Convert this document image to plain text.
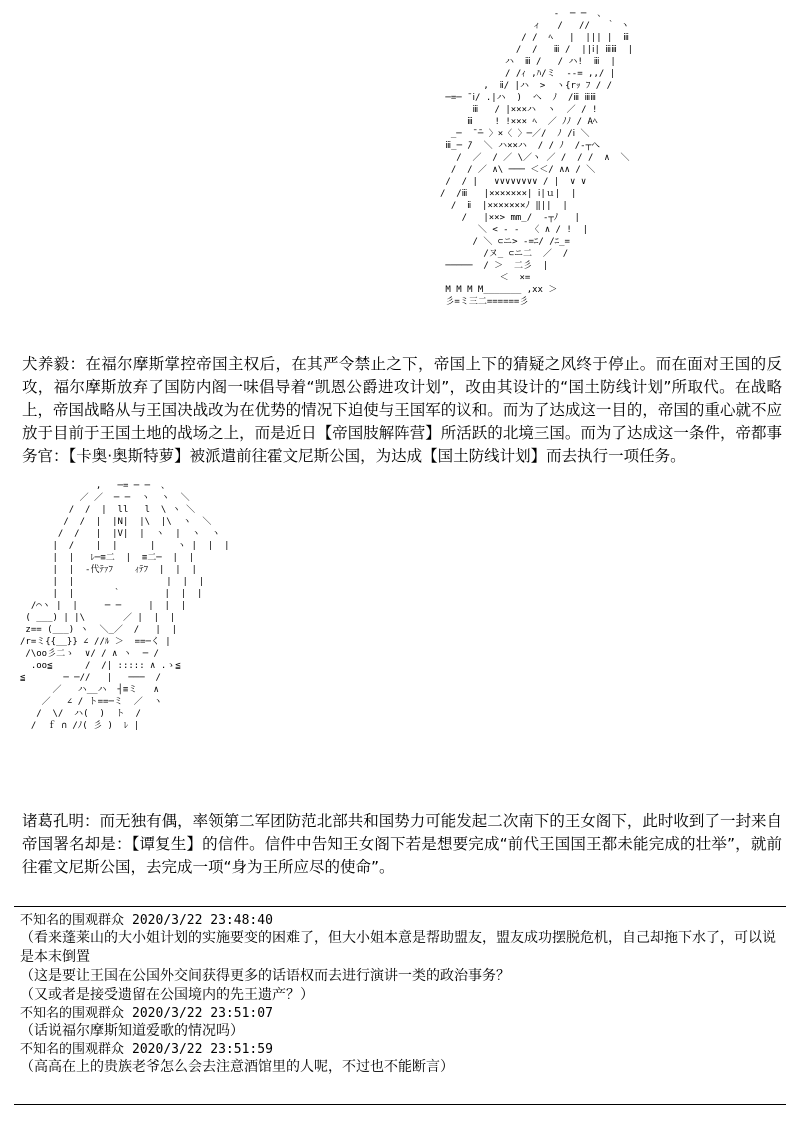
‐  ─ ─  、
ィ   /   //   ｀ ヽ
/ /  ﾍ   |  ||| |  ⅲ
/  /   ⅲ /  ||ⅰ| ⅲⅲ  |
ハ  ⅲ /   / ハ!  ⅲ  |
/ /ｨ ,ﾊ/ミ  ‐-= ,,/ |
,  ⅱ/ |ハ  >  ヽ{rｯ ﾌ / /
─=─ ̄ ⅰ/ .|ハ  )  ヘ  ﾉ  /ⅲ ⅲⅲ
ⅲ   / |×××ハ  ヽ  ／ / !
ⅲ    ! !××× ﾍ  ／ ﾉﾉ / Aﾍ
_─  ̄ ̄─ 〉×〈 〉─／/  ﾉ /ⅰ ＼
ⅲ_─ ̄/  ＼ ハ××ハ  / / ﾉ  /‐┬へ
/  ／  / ／ \／ヽ ／ /  / /  ∧  ＼
/  / ／ ∧\ ─── ＜＜/ ∧∧ / ＼
/  / |   ∨∨∨∨∨∨∨∨ / |  ∨ ∨
/  /ⅲ   |×××××××| ⅰ|ｕ|  |
/  ⅱ  |×××××××ﾉ ‖||  |
/   |××> mm_/  ‐┬ﾉ   |
＼ < ‐ ‐  〈 ∧ / !  |
/ ＼ ⊂ニ> ‐=ﾆ/ /ﾆ_=
/ヌ_ ⊂ニ二  ／  /
─────  / ＞  二彡  |
＜  ×=
M M M M_______ ,xx ＞
彡=ミ三二======彡
犬养毅：在福尔摩斯掌控帝国主权后，在其严令禁止之下，帝国上下的猜疑之风终于停止。而在面对王国的反攻，福尔摩斯放弃了国防内阁一味倡导着“凯恩公爵进攻计划”，改由其设计的“国土防线计划”所取代。在战略上，帝国战略从与王国决战改为在优势的情况下迫使与王国军的议和。而为了达成这一目的，帝国的重心就不应放于目前于王国土地的战场之上，而是近日【帝国肢解阵营】所活跃的北境三国。而为了达成这一条件，帝都事务官：【卡奥·奥斯特萝】被派遣前往霍文尼斯公国，为达成【国土防线计划】而去执行一项任务。
,   ─= ─ ─  、
／ ／  ─ ─  ヽ  ヽ  ＼
/  /  |  ll   l  \ ヽ ＼
/  /  |  |N|  |\  |\  ヽ  ＼
/  /   |  |V|  |  ヽ  |  ヽ  ヽ
|  /    |  |      |    ヽ |  |  |
|  |   ﾚ─≡二  |  ≡二─  |  |
|  |  ‐代ﾃｧﾌ    ｨﾃﾌ  |  |  |
|  |                 |  |  |
|  |       ｀        |  |  |
/⌒ヽ |  |     ─ ─     |  |  |
( ___) | |\       ／ |  |  |
z== (___) ヽ  ＼_／  /   |  |
/r=ミ{{__}} ∠ //ﾙ ＞  ==─く |
/\oo彡二ゝ  ∨/ / ∧ ヽ  ─ /
.oo≦      /  /| ::::: ∧ .ゝ≦
≦       ─ ─//   |   ───  /
／   ハ__ハ  ┤≡ミ   ∧
／   ∠ / ト==─ミ  ／  ヽ
/  \/  ハ(  )  ト  /
/  ｆ ∩ /ﾉ( 彡 )  ﾚ |
诸葛孔明：而无独有偶，率领第二军团防范北部共和国势力可能发起二次南下的王女阁下，此时收到了一封来自帝国署名却是：【谭复生】的信件。信件中告知王女阁下若是想要完成“前代王国国王都未能完成的壮举”，就前往霍文尼斯公国，去完成一项“身为王所应尽的使命”。

不知名的围观群众 2020/3/22 23:48:40

（看来蓬莱山的大小姐计划的实施要变的困难了，但大小姐本意是帮助盟友，盟友成功摆脱危机，自己却拖下水了，可以说是本末倒置

（这是要让王国在公国外交间获得更多的话语权而去进行演讲一类的政治事务？

（又或者是接受遗留在公国境内的先王遗产？）

不知名的围观群众 2020/3/22 23:51:07

（话说福尔摩斯知道爱歌的情况吗）

不知名的围观群众 2020/3/22 23:51:59

（高高在上的贵族老爷怎么会去注意酒馆里的人呢，不过也不能断言）
